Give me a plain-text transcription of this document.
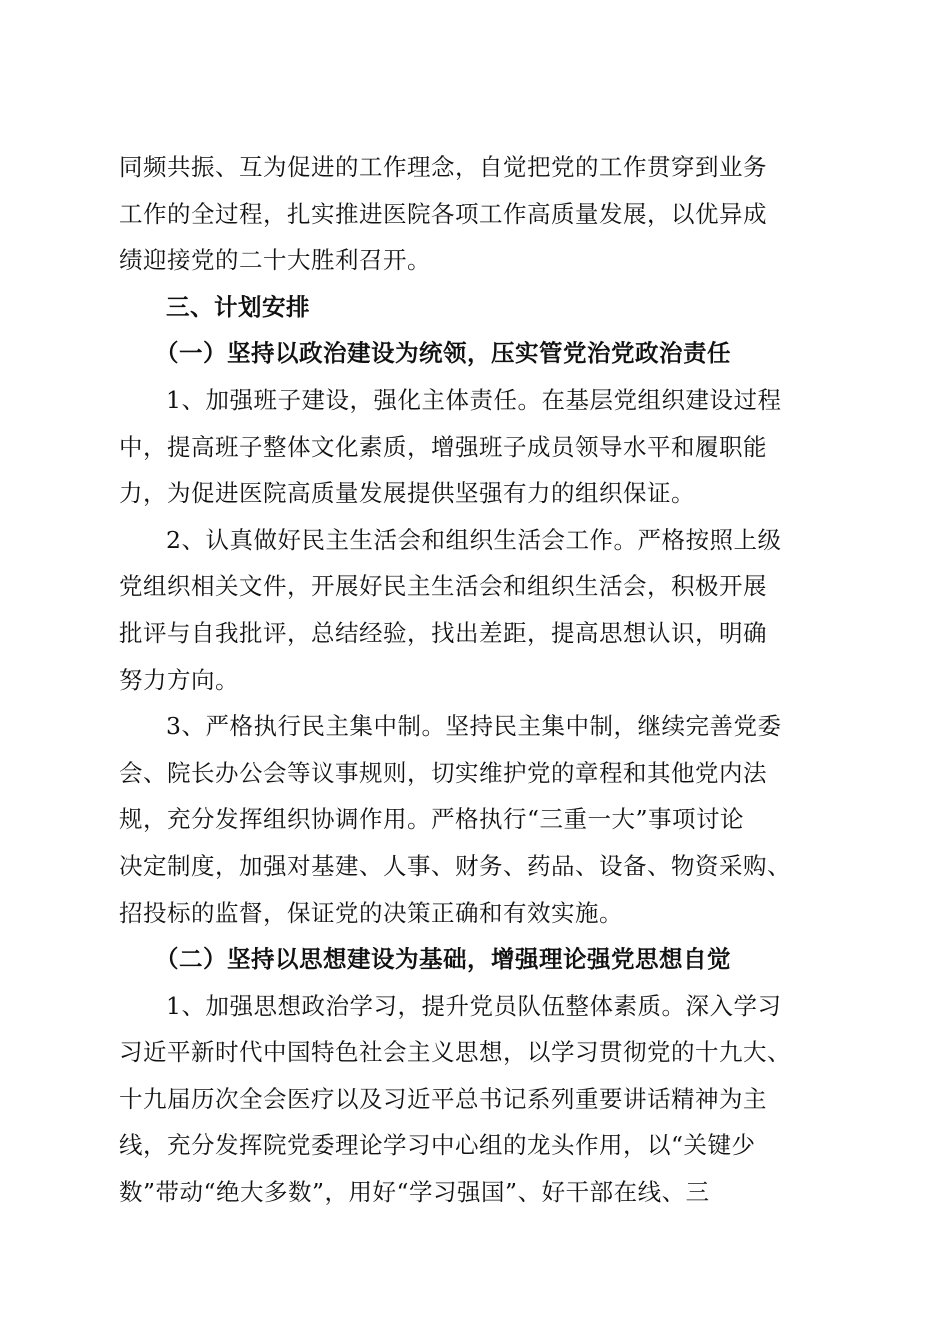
同频共振、互为促进的工作理念，自觉把党的工作贯穿到业务
工作的全过程，扎实推进医院各项工作高质量发展，以优异成
绩迎接党的二十大胜利召开。
三、计划安排
（一）坚持以政治建设为统领，压实管党治党政治责任
1、加强班子建设，强化主体责任。在基层党组织建设过程
中，提高班子整体文化素质，增强班子成员领导水平和履职能
力，为促进医院高质量发展提供坚强有力的组织保证。
2、认真做好民主生活会和组织生活会工作。严格按照上级
党组织相关文件，开展好民主生活会和组织生活会，积极开展
批评与自我批评，总结经验，找出差距，提高思想认识，明确
努力方向。
3、严格执行民主集中制。坚持民主集中制，继续完善党委
会、院长办公会等议事规则，切实维护党的章程和其他党内法
规，充分发挥组织协调作用。严格执行“三重一大”事项讨论
决定制度，加强对基建、人事、财务、药品、设备、物资采购、
招投标的监督，保证党的决策正确和有效实施。
（二）坚持以思想建设为基础，增强理论强党思想自觉
1、加强思想政治学习，提升党员队伍整体素质。深入学习
习近平新时代中国特色社会主义思想，以学习贯彻党的十九大、
十九届历次全会医疗以及习近平总书记系列重要讲话精神为主
线，充分发挥院党委理论学习中心组的龙头作用，以“关键少
数”带动“绝大多数”，用好“学习强国”、好干部在线、三
